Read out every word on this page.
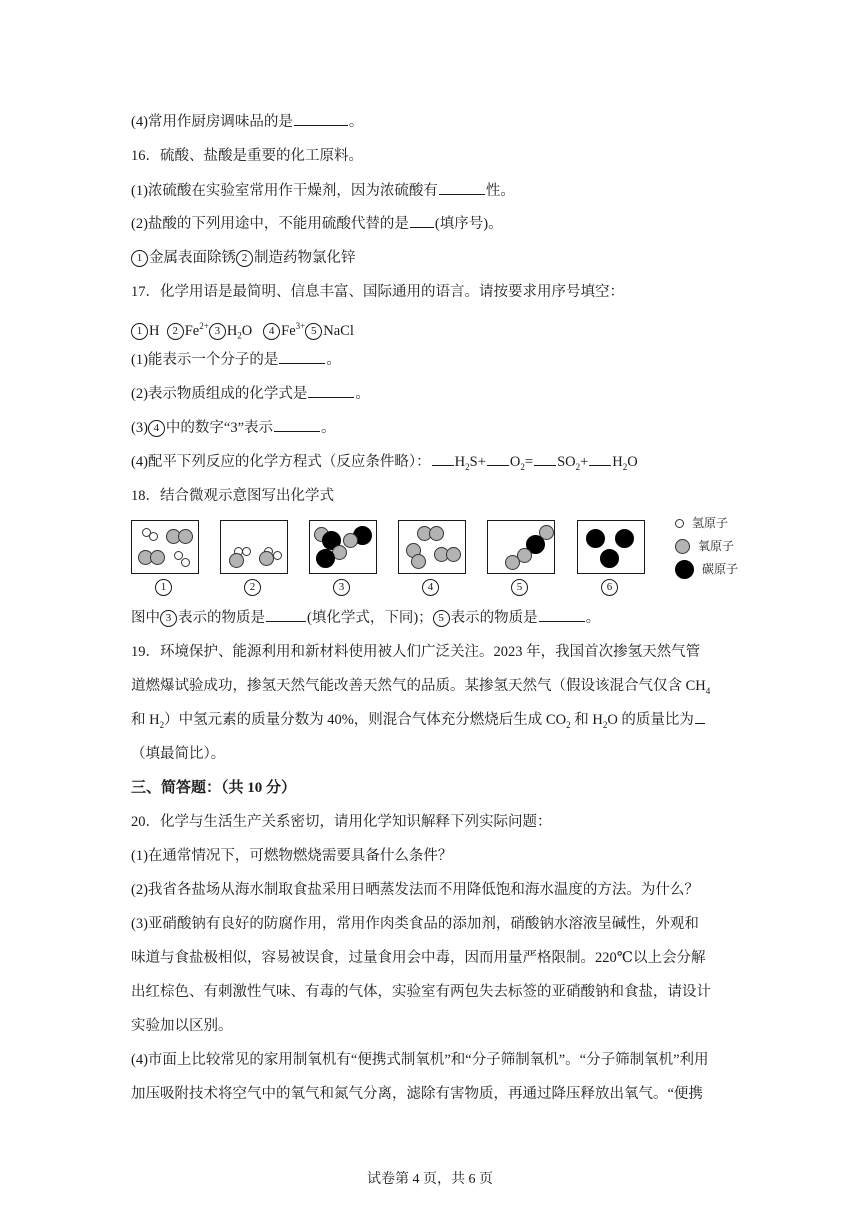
(4)常用作厨房调味品的是	。
16．硫酸、盐酸是重要的化工原料。
(1)浓硫酸在实验室常用作干燥剂，因为浓硫酸有	性。
(2)盐酸的下列用途中，不能用硫酸代替的是 (填序号)。
1 金属表面除锈 2 制造药物氯化锌
17．化学用语是最简明、信息丰富、国际通用的语言。请按要求用序号填空：
1 H 2 $Fe^{2+}$ 3 $H_2O$ 4 $Fe^{3+}$ 5 NaCl
(1)能表示一个分子的是	。
(2)表示物质组成的化学式是	。
(3) 4 中的数字“3”表示	。
(4)配平下列反应的化学方程式（反应条件略）： $H_2S+ O_2= SO_2+ H_2O$
18．结合微观示意图写出化学式
1	2	3	4	5	6
氢原子
氧原子
碳原子
图中 3 表示的物质是	(填化学式，下同)； 5 表示的物质是	。
19．环境保护、能源利用和新材料使用被人们广泛关注。2023 年，我国首次掺氢天然气管
道燃爆试验成功，掺氢天然气能改善天然气的品质。某掺氢天然气（假设该混合气仅含 $CH_4$
和 $H_2$）中氢元素的质量分数为 40%，则混合气体充分燃烧后生成 $CO_2$ 和 $H_2O$ 的质量比为
（填最简比）。
三、简答题：（共 10 分）
20．化学与生活生产关系密切，请用化学知识解释下列实际问题：
(1)在通常情况下，可燃物燃烧需要具备什么条件？
(2)我省各盐场从海水制取食盐采用日晒蒸发法而不用降低饱和海水温度的方法。为什么？
(3)亚硝酸钠有良好的防腐作用，常用作肉类食品的添加剂，硝酸钠水溶液呈碱性，外观和
味道与食盐极相似，容易被误食，过量食用会中毒，因而用量严格限制。220℃以上会分解
出红棕色、有刺激性气味、有毒的气体，实验室有两包失去标签的亚硝酸钠和食盐，请设计
实验加以区别。
(4)市面上比较常见的家用制氧机有“便携式制氧机”和“分子筛制氧机”。“分子筛制氧机”利用
加压吸附技术将空气中的氧气和氮气分离，滤除有害物质，再通过降压释放出氧气。“便携
试卷第 4 页，共 6 页
